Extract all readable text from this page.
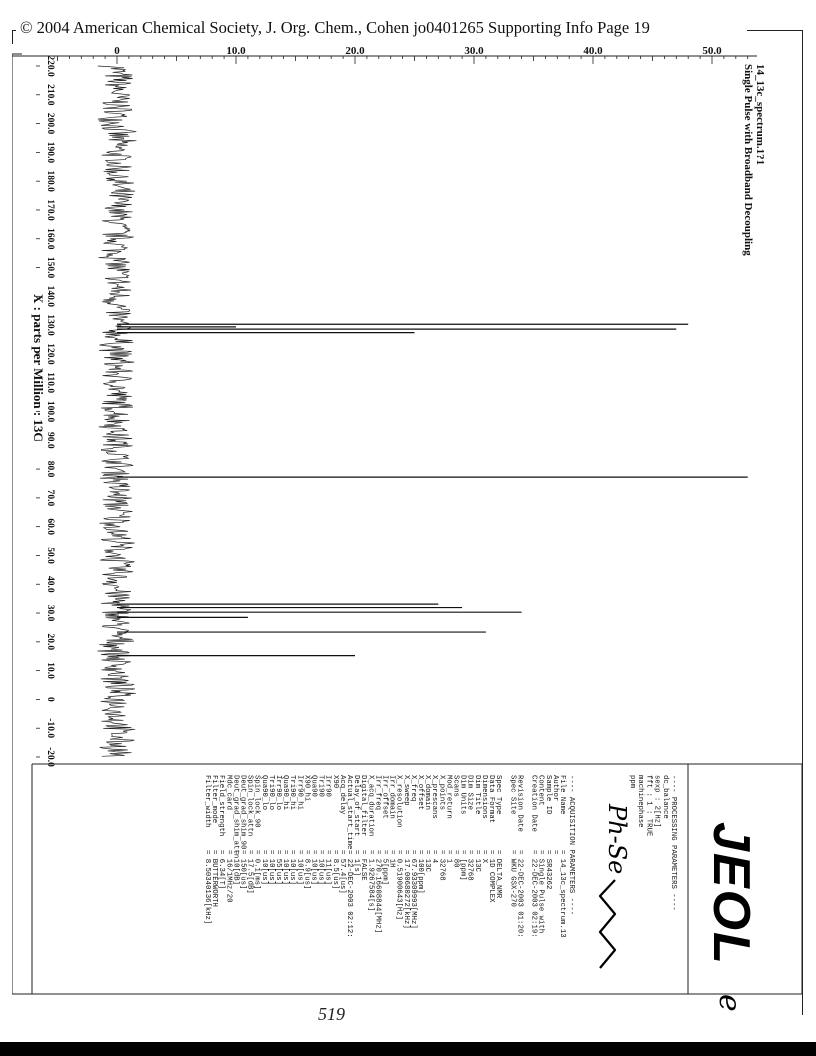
© 2004 American Chemical Society, J. Org. Chem., Cohen jo0401265 Supporting Info Page 19
220.0
210.0
200.0
190.0
180.0
170.0
160.0
150.0
140.0
130.0
120.0
110.0
100.0
90.0
80.0
70.0
60.0
50.0
40.0
30.0
20.0
10.0
0
-10.0
-20.0
0	10.0	20.0	30.0	40.0	50.0
X : parts per Million : 13C
14_13c_spectrum.1?1
Single Pulse with Broadband Decoupling
JEOL
ℯ
---- PROCESSING PARAMETERS ----
dc_balance
sexp : 2[Hz]
fft : 1 : TRUE
machinephase
ppm
---- ACQUISITION PARAMETERS ----
File Name
= 14_13c_spectrum.13
Author
=
Sample ID
= SR43262
Content
= Single Pulse with
Creation Date
= 22-DEC-2003 02:19:
Revision Date
= 22-DEC-2003 01:20:
Spec Site
= WKU GSX-270
Spec Type
= DELTA_NMR
Data Format
= 1D COMPLEX
Dimensions
= X
Dim Title
= 13C
Dim Size
= 32768
Dim Units
= [ppm]
Scans
= 80
Mod_return
= 1
X_points
= 32768
X_prescans
= 4
X_domain
= 13C
X_offset
= 100[ppm]
X_freq
= 67.93309993[MHz]
X_sweep
= 17.00680272[kHz]
X_resolution
= 0.51900643[Hz]
Irr_domain
= 1H
Irr_offset
= 5[ppm]
Irr_freq
= 270.16608844[MHz]
X_acq_duration
= 1.9267584[s]
Digital_filter
= FALSE
Delay_of_start
= 1[s]
Actual_start_time
= 22-DEC-2003 02:12:
Acq_delay
= 57.4[us]
X90
= 8.5[us]
Irr90
= 11[us]
Tri90
= 10[us]
Qua90
= 10[us]
X90_hi
= 8.9[us]
Irr90_hi
= 10[us]
Tri90_hi
= 10[us]
Qua90_hi
= 10[us]
Irr90_lo
= 55[us]
Tri90_lo
= 10[us]
Qua90_lo
= 10[us]
Spin_lock_90
= 0.1[ms]
Spin_lock_attn
= 17.5[dB]
Deut_grad_shim_90
= 150[us]
Deut_grad_shim_attn
= 10[dB]
Mdc_card
= 16/1MHz/20
Field_strength
= 6.34[T]
Filter_mode
= BUTTERWORTH
Filter_width
= 8.50340136[kHz]
Ph-Se
519
